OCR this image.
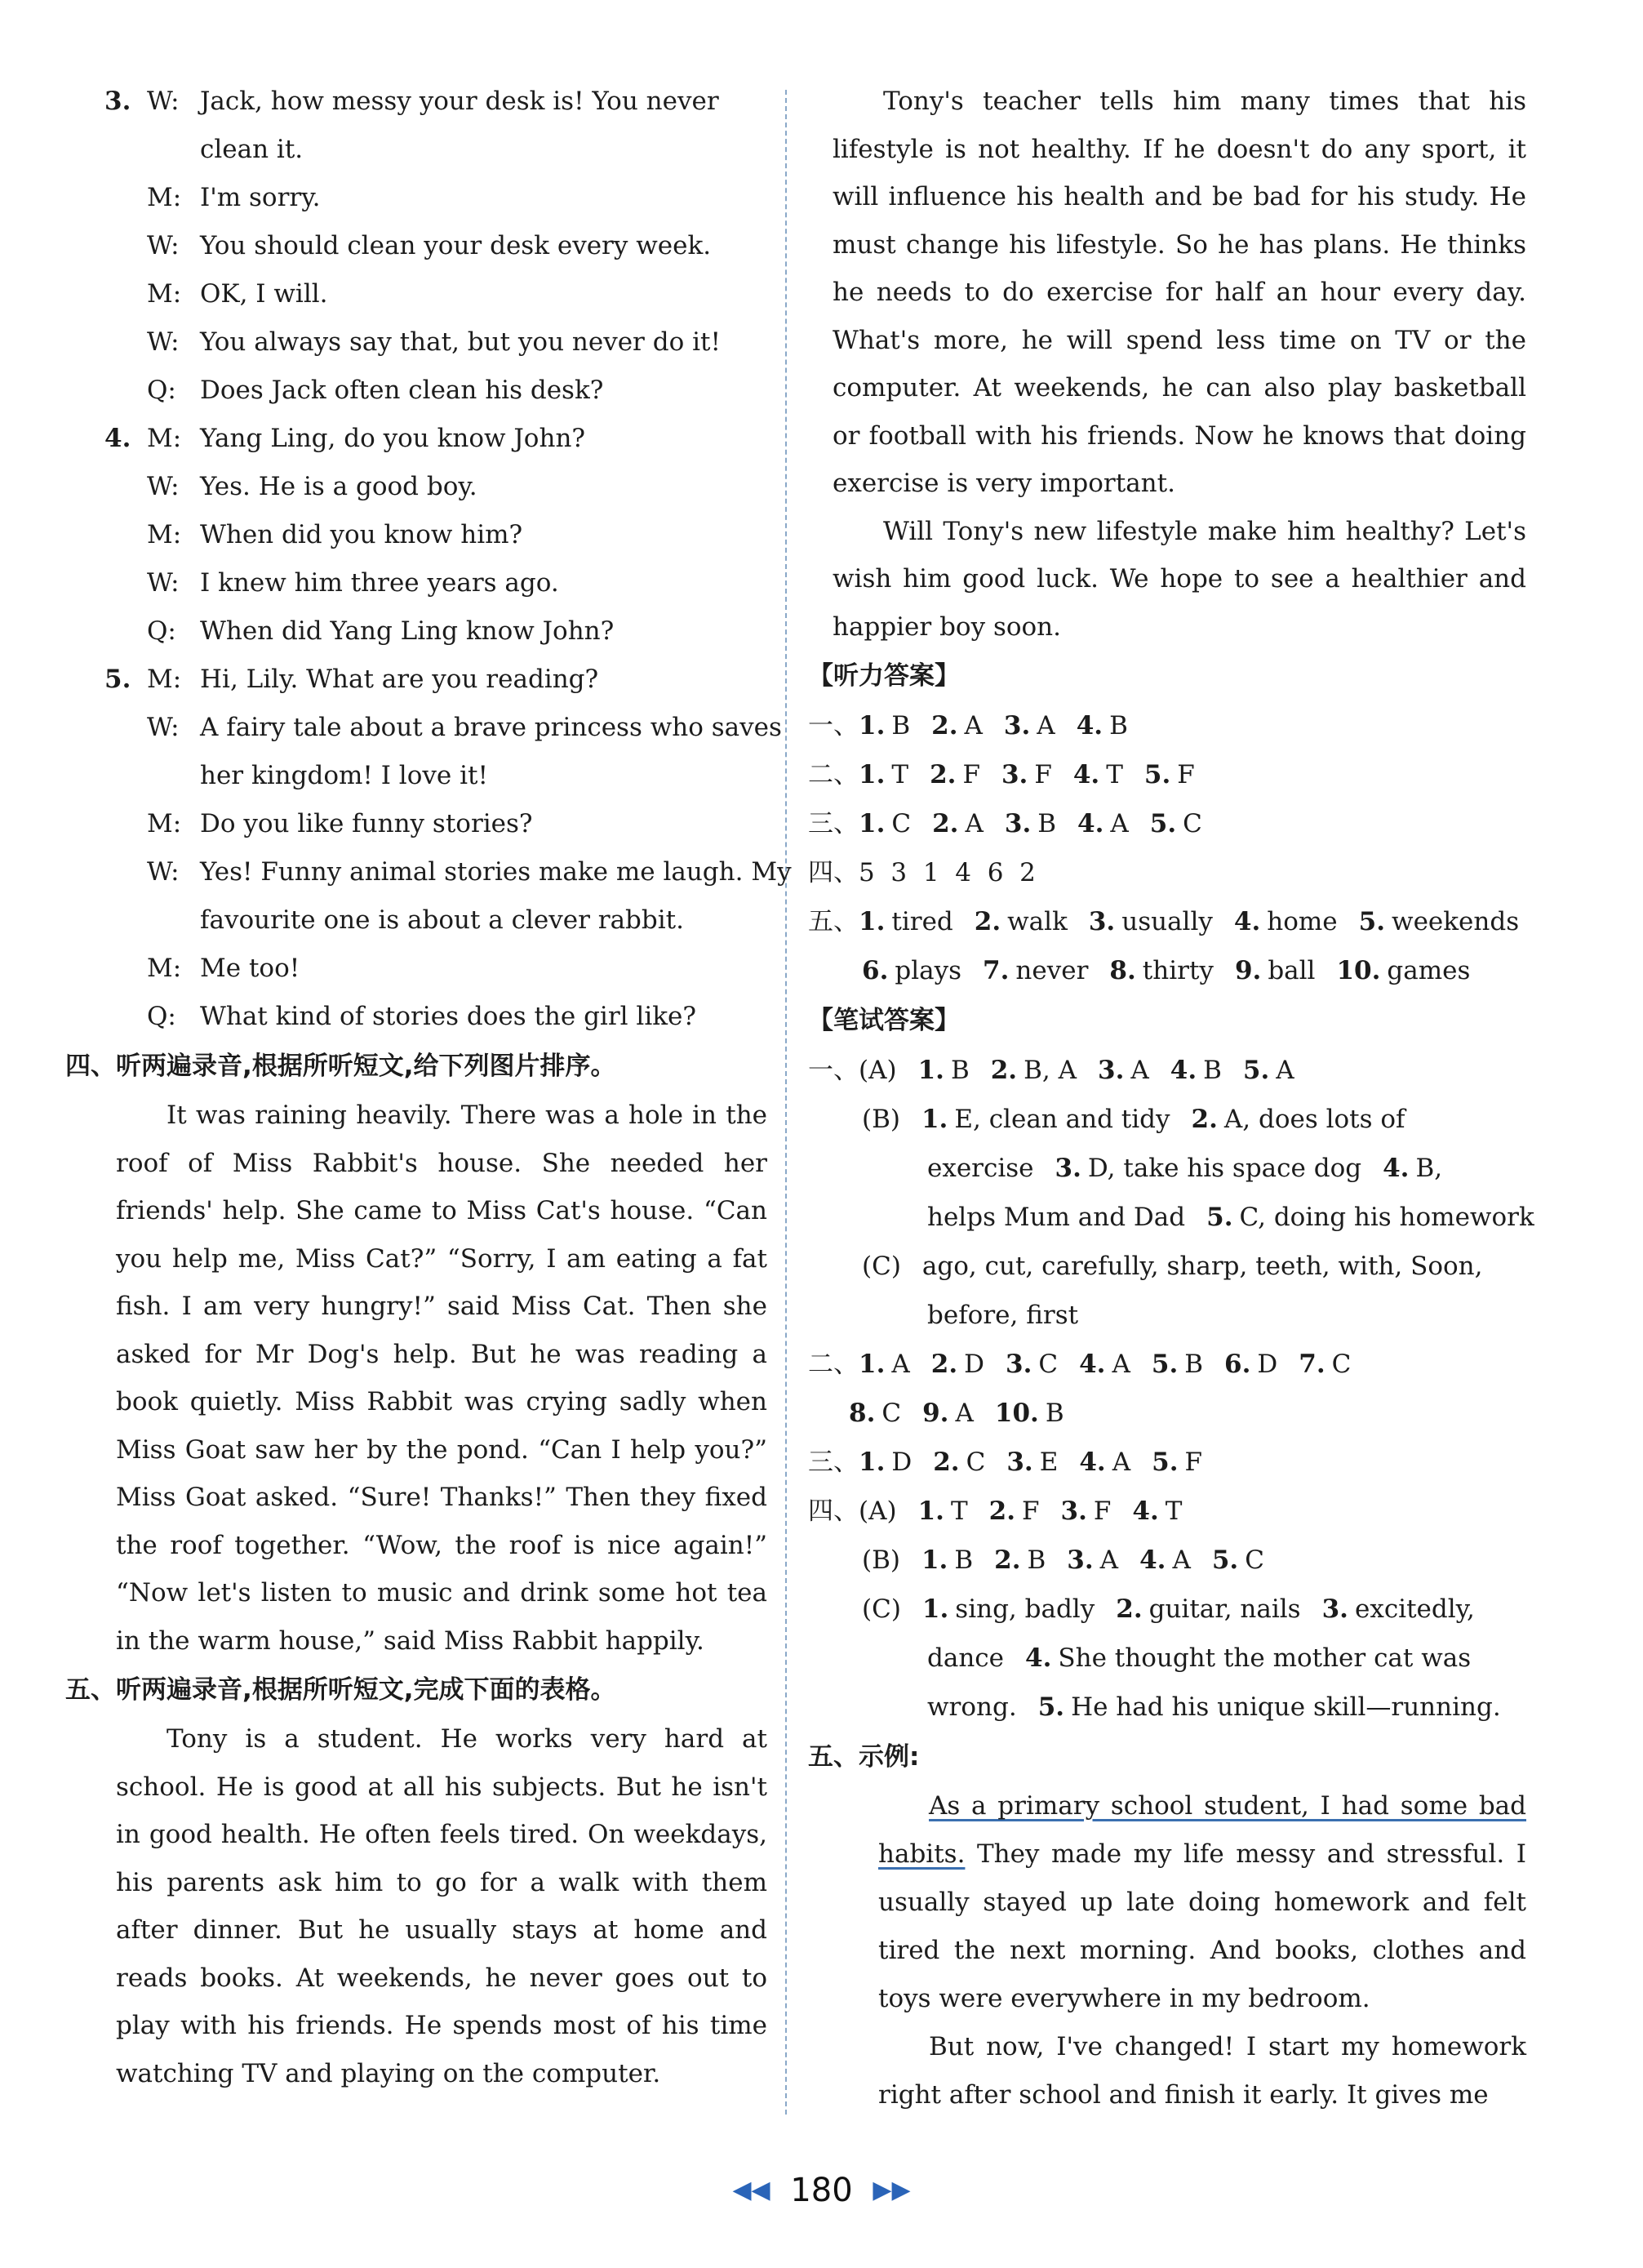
3. W: Jack, how messy your desk is! You never
clean it.
M: I'm sorry.
W: You should clean your desk every week.
M: OK, I will.
W: You always say that, but you never do it!
Q: Does Jack often clean his desk?
4. M: Yang Ling, do you know John?
W: Yes. He is a good boy.
M: When did you know him?
W: I knew him three years ago.
Q: When did Yang Ling know John?
5. M: Hi, Lily. What are you reading?
W: A fairy tale about a brave princess who saves
her kingdom! I love it!
M: Do you like funny stories?
W: Yes! Funny animal stories make me laugh. My
favourite one is about a clever rabbit.
M: Me too!
Q: What kind of stories does the girl like?
四、听两遍录音,根据所听短文,给下列图片排序。

It was raining heavily. There was a hole in the roof of Miss Rabbit's house. She needed her friends' help. She came to Miss Cat's house. “Can you help me, Miss Cat?” “Sorry, I am eating a fat fish. I am very hungry!” said Miss Cat. Then she asked for Mr Dog's help. But he was reading a book quietly. Miss Rabbit was crying sadly when Miss Goat saw her by the pond. “Can I help you?” Miss Goat asked. “Sure! Thanks!” Then they fixed the roof together. “Wow, the roof is nice again!” “Now let's listen to music and drink some hot tea in the warm house,” said Miss Rabbit happily.

五、听两遍录音,根据所听短文,完成下面的表格。

Tony is a student. He works very hard at school. He is good at all his subjects. But he isn't in good health. He often feels tired. On weekdays, his parents ask him to go for a walk with them after dinner. But he usually stays at home and reads books. At weekends, he never goes out to play with his friends. He spends most of his time watching TV and playing on the computer.

Tony's teacher tells him many times that his lifestyle is not healthy. If he doesn't do any sport, it will influence his health and be bad for his study. He must change his lifestyle. So he has plans. He thinks he needs to do exercise for half an hour every day. What's more, he will spend less time on TV or the computer. At weekends, he can also play basketball or football with his friends. Now he knows that doing exercise is very important.

Will Tony's new lifestyle make him healthy? Let's wish him good luck. We hope to see a healthier and happier boy soon.

【听力答案】
一、1. B 2. A 3. A 4. B
二、1. T 2. F 3. F 4. T 5. F
三、1. C 2. A 3. B 4. A 5. C
四、5  3  1  4  6  2
五、1. tired 2. walk 3. usually 4. home 5. weekends
6. plays 7. never 8. thirty 9. ball 10. games
【笔试答案】
一、(A) 1. B 2. B, A 3. A 4. B 5. A
(B) 1. E, clean and tidy 2. A, does lots of
exercise 3. D, take his space dog 4. B,
helps Mum and Dad 5. C, doing his homework
(C) ago, cut, carefully, sharp, teeth, with, Soon,
before, first
二、1. A 2. D 3. C 4. A 5. B 6. D 7. C
8. C 9. A 10. B
三、1. D 2. C 3. E 4. A 5. F
四、(A) 1. T 2. F 3. F 4. T
(B) 1. B 2. B 3. A 4. A 5. C
(C) 1. sing, badly 2. guitar, nails 3. excitedly,
dance 4. She thought the mother cat was
wrong. 5. He had his unique skill—running.
五、示例:

As a primary school student, I had some bad habits. They made my life messy and stressful. I usually stayed up late doing homework and felt tired the next morning. And books, clothes and toys were everywhere in my bedroom.

But now, I've changed! I start my homework right after school and finish it early. It gives me

◀◀ 180 ▶▶
